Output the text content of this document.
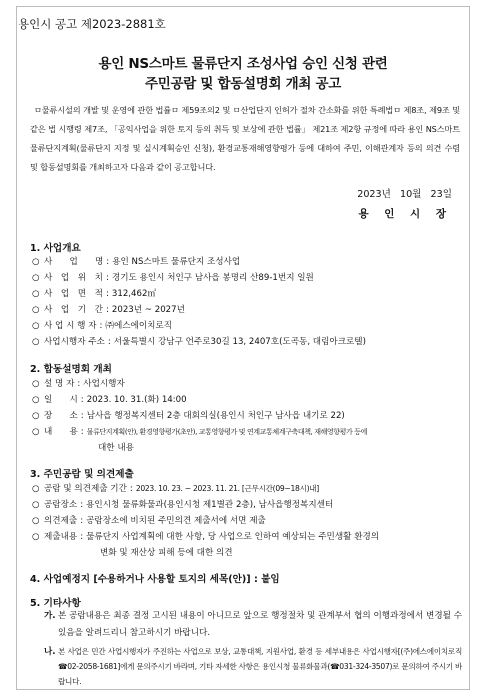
용인시 공고 제2023-2881호
용인 NS스마트 물류단지 조성사업 승인 신청 관련
주민공람 및 합동설명회 개최 공고

ㅁ물류시설의 개발 및 운영에 관한 법률ㅁ 제59조의2 및 ㅁ산업단지 인허가 절차 간소화를 위한 특례법ㅁ 제8조, 제9조 및 같은 법 시행령 제7조, 「공익사업을 위한 토지 등의 취득 및 보상에 관한 법률」 제21조 제2항 규정에 따라 용인 NS스마트 물류단지계획(물류단지 지정 및 실시계획승인 신청), 환경교통재해영향평가 등에 대하여 주민, 이해관계자 등의 의견 수렴 및 합동설명회를 개최하고자 다음과 같이 공고합니다.

2023년 10월 23일
용 인 시 장
1. 사업개요
○ 사　　업　　명 : 용인 NS스마트 물류단지 조성사업
○ 사　업　위　치 : 경기도 용인시 처인구 남사읍 봉명리 산89-1번지 일원
○ 사　업　면　적 : 312,462㎡
○ 사　업　기　간 : 2023년 ~ 2027년
○ 사 업 시 행 자 : ㈜에스에이치로직
○ 사업시행자 주소 : 서울특별시 강남구 언주로30길 13, 2407호(도곡동, 대림아크로텔)
2. 합동설명회 개최
○ 설 명 자 : 사업시행자
○ 일　　시 : 2023. 10. 31.(화) 14:00
○ 장　　소 : 남사읍 행정복지센터 2층 대회의실(용인시 처인구 남사읍 내기로 22)
○ 내　　용 : 물류단지계획(안), 환경영향평가(초안), 교통영향평가 및 연계교통체계구축대책, 재해영향평가 등에
대한 내용
3. 주민공람 및 의견제출
○ 공람 및 의견제출 기간 : 2023. 10. 23. ~ 2023. 11. 21. [근무시간(09~18시)내]
○ 공람장소 : 용인시청 물류화물과(용인시청 제1별관 2층), 남사읍행정복지센터
○ 의견제출 : 공람장소에 비치된 주민의견 제출서에 서면 제출
○ 제출내용 : 물류단지 사업계획에 대한 사항, 당 사업으로 인하여 예상되는 주민생활 환경의
변화 및 재산상 피해 등에 대한 의견
4. 사업예정지 [수용하거나 사용할 토지의 세목(안)] : 붙임
5. 기타사항
가. 본 공람내용은 최종 결정 고시된 내용이 아니므로 앞으로 행정절차 및 관계부서 협의 이행과정에서 변경될 수 있음을 알려드리니 참고하시기 바랍니다.
나. 본 사업은 민간 사업시행자가 주진하는 사업으로 보상, 교통대책, 지원사업, 환경 등 세부내용은 사업시행자[(주)에스에이치로직 ☎02-2058-1681]에게 문의주시기 바라며, 기타 자세한 사항은 용인시청 물류화물과(☎031-324-3507)로 문의하여 주시기 바랍니다.
